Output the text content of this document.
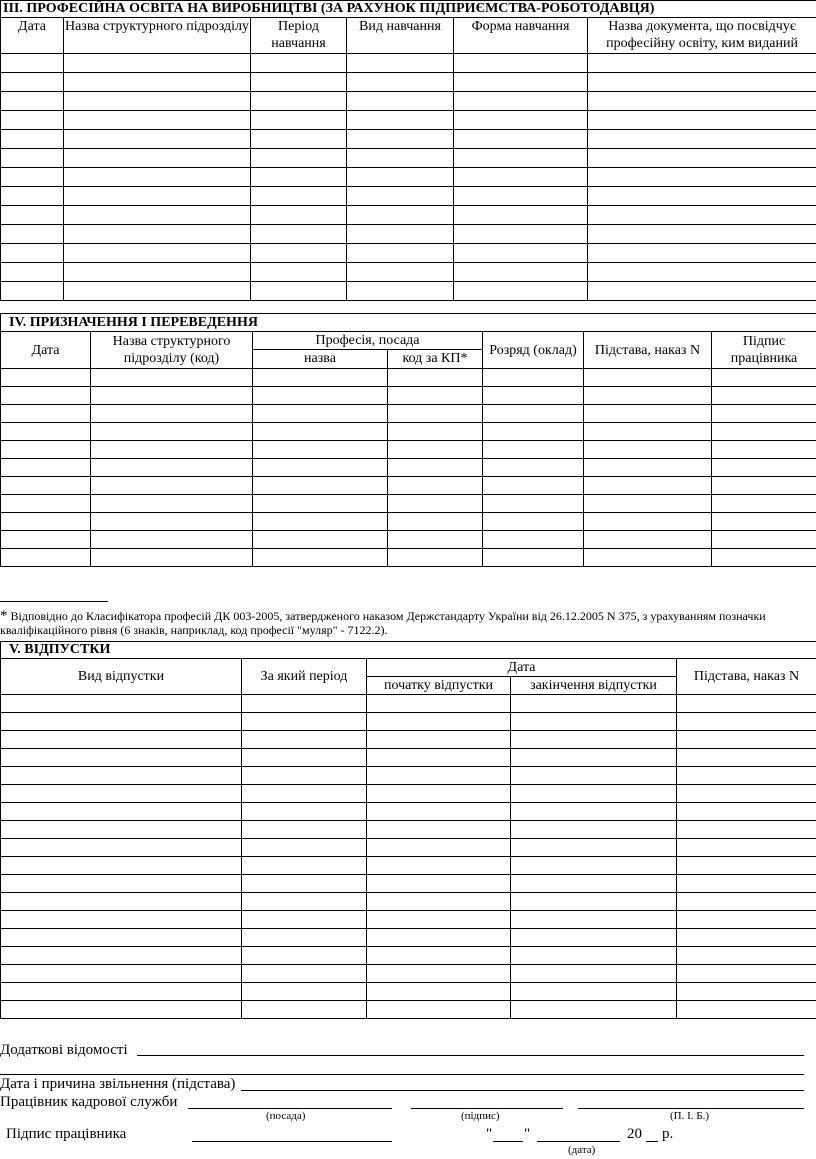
ІІІ. ПРОФЕСІЙНА ОСВІТА НА ВИРОБНИЦТВІ (ЗА РАХУНОК ПІДПРИЄМСТВА-РОБОТОДАВЦЯ)					
Дата	Назва структурного підрозділу	Період навчання	Вид навчання	Форма навчання	Назва документа, що посвідчує професійну освіту, ким виданий

IV. ПРИЗНАЧЕННЯ І ПЕРЕВЕДЕННЯ						
Дата	Назва структурного підрозділу (код)	Професія, посада		Розряд (оклад)	Підстава, наказ N	Підпис працівника
		назва	код за КП*			

* Відповідно до Класифікатора професій ДК 003-2005, затвердженого наказом Держстандарту України від 26.12.2005 N 375, з урахуванням позначки кваліфікаційного рівня (6 знаків, наприклад, код професії "муляр" - 7122.2).
V. ВІДПУСТКИ				
Вид відпустки	За який період	Дата		Підстава, наказ N
		початку відпустки	закінчення відпустки	

Додаткові відомості
Дата і причина звільнення (підстава)
Працівник кадрової служби
(посада)	(підпис)	(П. І. Б.)
Підпис працівника	" "	20 р.
(дата)
